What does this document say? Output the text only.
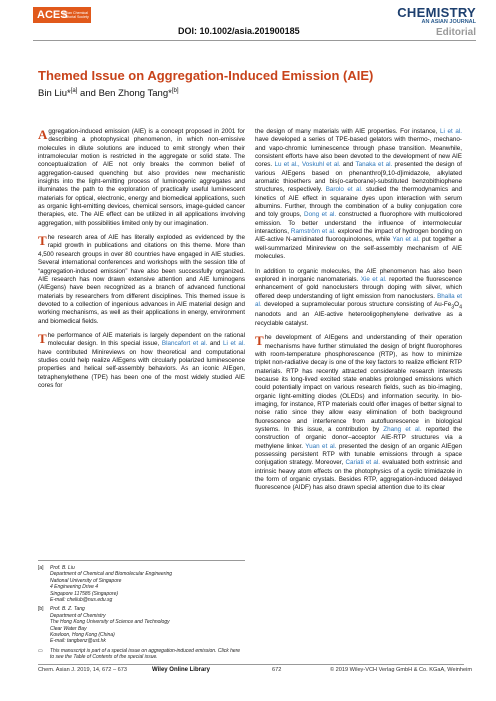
ACES
Asian Chemical Editorial Society
DOI: 10.1002/asia.201900185
CHEMISTRY
AN ASIAN JOURNAL
Editorial
Themed Issue on Aggregation-Induced Emission (AIE)
Bin Liu*[a] and Ben Zhong Tang*[b]

Aggregation-induced emission (AIE) is a concept proposed in 2001 for describing a photophysical phenomenon, in which non-emissive molecules in dilute solutions are induced to emit strongly when their intramolecular motion is restricted in the aggregate or solid state. The conceptualization of AIE not only breaks the common belief of aggregation-caused quenching but also provides new mechanistic insights into the light-emitting process of luminogenic aggregates and illuminates the path to the exploration of practically useful luminescent materials for optical, electronic, energy and biomedical applications, such as organic light-emitting devices, chemical sensors, image-guided cancer therapies, etc. The AIE effect can be utilized in all applications involving aggregation, with possibilities limited only by our imagination.

The research area of AIE has literally exploded as evidenced by the rapid growth in publications and citations on this theme. More than 4,500 research groups in over 80 countries have engaged in AIE studies. Several international conferences and workshops with the session title of “aggregation-induced emission” have also been successfully organized. AIE research has now drawn extensive attention and AIE luminogens (AIEgens) have been recognized as a branch of advanced functional materials by researchers from different disciplines. This themed issue is devoted to a collection of ingenious advances in AIE material design and working mechanisms, as well as their applications in energy, environment and biomedical fields.

The performance of AIE materials is largely dependent on the rational molecular design. In this special issue, Blancafort et al. and Li et al. have contributed Minireviews on how theoretical and computational studies could help realize AIEgens with circularly polarized luminescence properties and helical self-assembly behaviors. As an iconic AIEgen, tetraphenylethene (TPE) has been one of the most widely studied AIE cores for

[a]	Prof. B. Liu
Department of Chemical and Biomolecular Engineering
National University of Singapore
4 Engineering Drive 4
Singapore 117585 (Singapore)
E-mail: cheliub@nus.edu.sg
[b]	Prof. B. Z. Tang
Department of Chemistry
The Hong Kong University of Science and Technology
Clear Water Bay
Kowloon, Hong Kong (China)
E-mail: tangbenz@ust.hk
▭	This manuscript is part of a special issue on aggregation-induced emission. Click here to see the Table of Contents of the special issue.

the design of many materials with AIE properties. For instance, Li et al. have developed a series of TPE-based gelators with thermo-, mechano- and vapo-chromic luminescence through phase transition. Meanwhile, consistent efforts have also been devoted to the development of new AIE cores. Lu et al., Voskuhl et al. and Tanaka et al. presented the design of various AIEgens based on phenanthro[9,10-d]imidazole, alkylated aromatic thioethers and bis(o-carborane)-substituted benzobithiophene structures, respectively. Barolo et al. studied the thermodynamics and kinetics of AIE effect in squaraine dyes upon interaction with serum albumins. Further, through the combination of a bulky conjugation core and toly groups, Dong et al. constructed a fluorophore with multicolored emission. To better understand the influence of intermolecular interactions, Ramström et al. explored the impact of hydrogen bonding on AIE-active N-amidinated fluoroquinolones, while Yan et al. put together a well-summarized Minireview on the self-assembly mechanism of AIE molecules.

In addition to organic molecules, the AIE phenomenon has also been explored in inorganic nanomaterials. Xie et al. reported the fluorescence enhancement of gold nanoclusters through doping with silver, which offered deep understanding of light emission from nanoclusters. Bhalla et al. developed a supramolecular porous structure consisting of $Au-Fe_3O_4$ nanodots and an AIE-active heterooligophenylene derivative as a recyclable catalyst.

The development of AIEgens and understanding of their operation mechanisms have further stimulated the design of bright fluorophores with room-temperature phosphorescence (RTP), as how to minimize triplet non-radiative decay is one of the key factors to realize efficient RTP materials. RTP has recently attracted considerable research interests because its long-lived excited state enables prolonged emissions which could potentially impact on various research fields, such as bio-imaging, organic light-emitting diodes (OLEDs) and information security. In bio-imaging, for instance, RTP materials could offer images of better signal to noise ratio since they allow easy elimination of both background fluorescence and interference from autofluorescence in biological systems. In this issue, a contribution by Zhang et al. reported the construction of organic donor–acceptor AIE-RTP structures via a methylene linker. Yuan et al. presented the design of an organic AIEgen possessing persistent RTP with tunable emissions through a space conjugation strategy. Moreover, Cariati et al. evaluated both extrinsic and intrinsic heavy atom effects on the photophysics of a cyclic trimidazole in the form of organic crystals. Besides RTP, aggregation-induced delayed fluorescence (AIDF) has also drawn special attention due to its clear

Chem. Asian J. 2019, 14, 672 – 673	Wiley Online Library	672	© 2019 Wiley-VCH Verlag GmbH & Co. KGaA, Weinheim
